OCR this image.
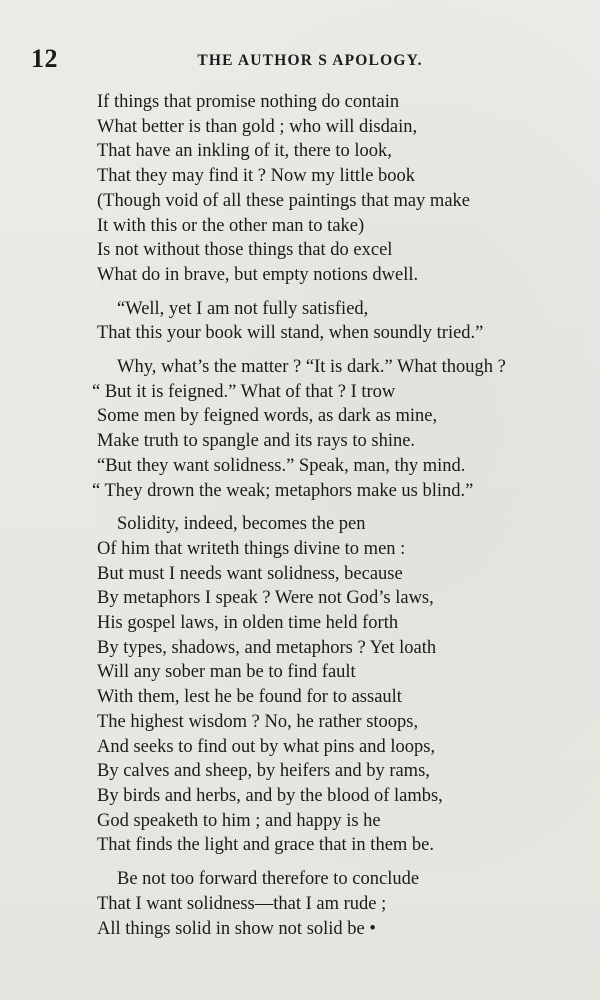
12	THE AUTHOR S APOLOGY.

If things that promise nothing do contain
What better is than gold ; who will disdain,
That have an inkling of it, there to look,
That they may find it ? Now my little book
(Though void of all these paintings that may make
It with this or the other man to take)
Is not without those things that do excel
What do in brave, but empty notions dwell.

“Well, yet I am not fully satisfied,
That this your book will stand, when soundly tried.”

Why, what’s the matter ? “It is dark.” What though ?
“ But it is feigned.” What of that ? I trow
Some men by feigned words, as dark as mine,
Make truth to spangle and its rays to shine.
“But they want solidness.” Speak, man, thy mind.
“ They drown the weak; metaphors make us blind.”

Solidity, indeed, becomes the pen
Of him that writeth things divine to men :
But must I needs want solidness, because
By metaphors I speak ? Were not God’s laws,
His gospel laws, in olden time held forth
By types, shadows, and metaphors ? Yet loath
Will any sober man be to find fault
With them, lest he be found for to assault
The highest wisdom ? No, he rather stoops,
And seeks to find out by what pins and loops,
By calves and sheep, by heifers and by rams,
By birds and herbs, and by the blood of lambs,
God speaketh to him ; and happy is he
That finds the light and grace that in them be.

Be not too forward therefore to conclude
That I want solidness—that I am rude ;
All things solid in show not solid be •
